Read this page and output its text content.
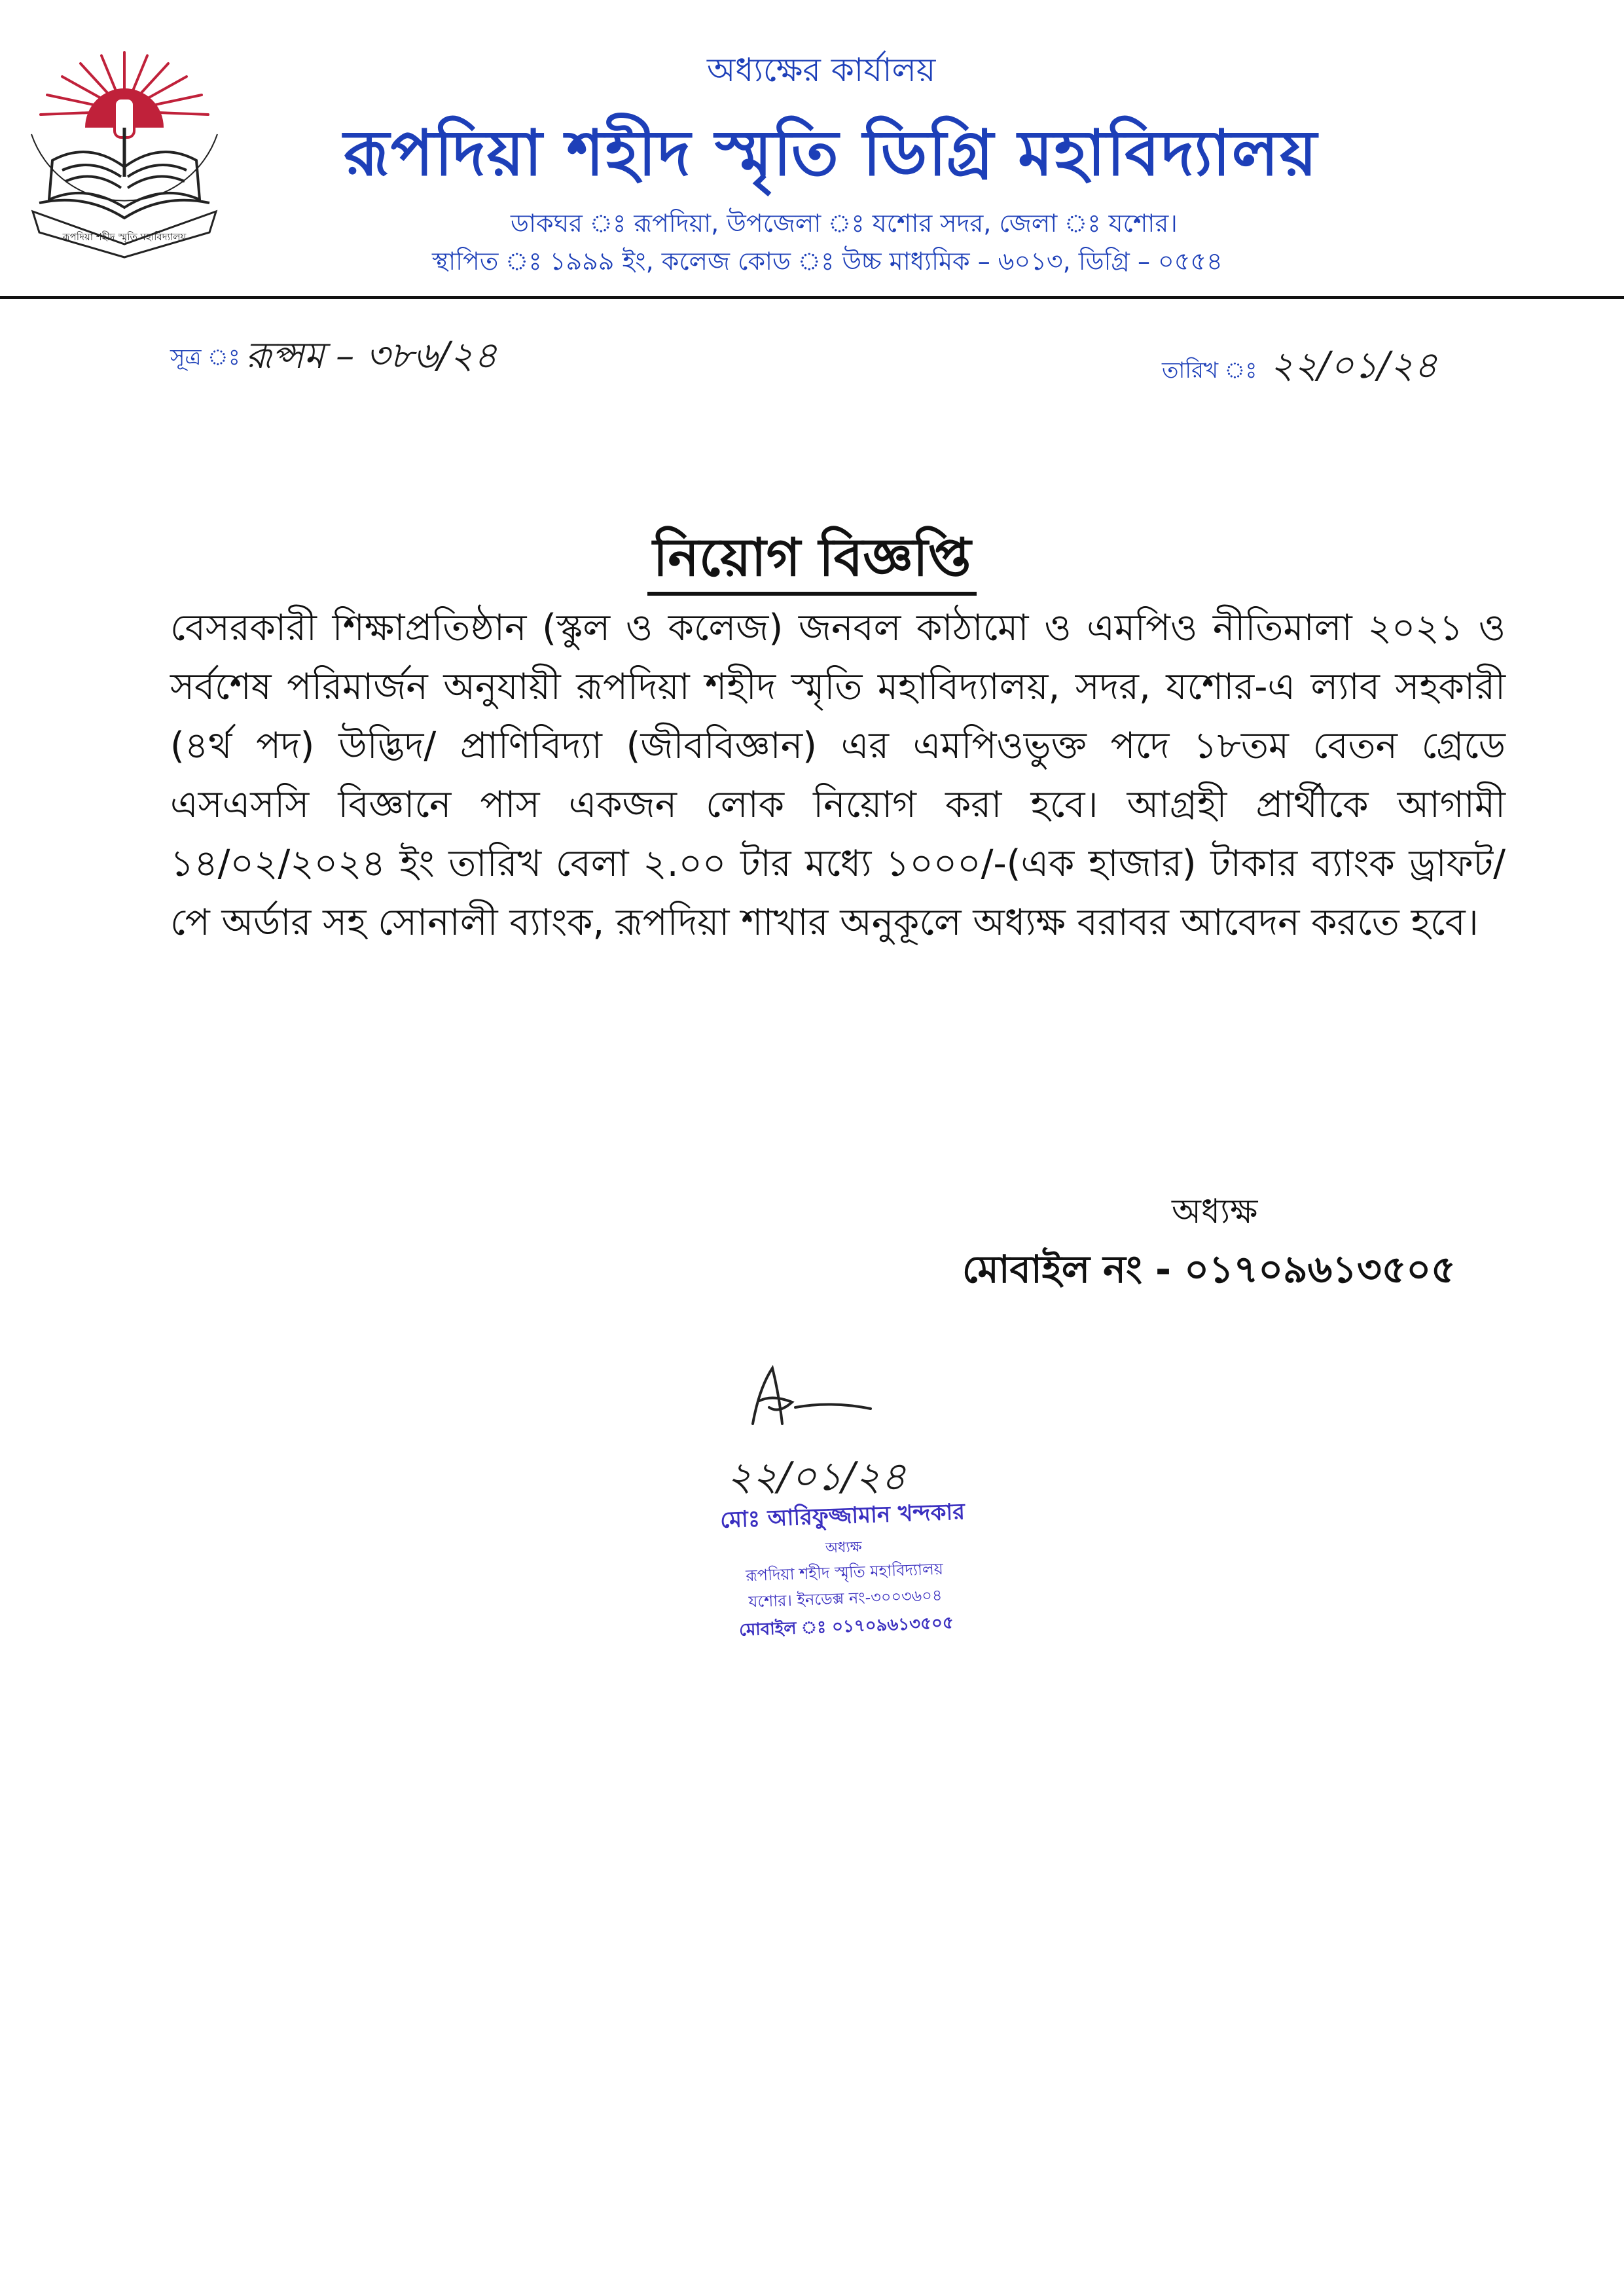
রূপদিয়া শহীদ স্মৃতি মহাবিদ্যালয়
অধ্যক্ষের কার্যালয়
রূপদিয়া শহীদ স্মৃতি ডিগ্রি মহাবিদ্যালয়
ডাকঘর ঃ রূপদিয়া, উপজেলা ঃ যশোর সদর, জেলা ঃ যশোর।
স্থাপিত ঃ ১৯৯৯ ইং, কলেজ কোড ঃ উচ্চ মাধ্যমিক – ৬০১৩, ডিগ্রি – ০৫৫৪
সূত্র ঃ রূপ্সম – ৩৮৬/২৪	তারিখ ঃ ২২/০১/২৪
নিয়োগ বিজ্ঞপ্তি
বেসরকারী শিক্ষাপ্রতিষ্ঠান (স্কুল ও কলেজ) জনবল কাঠামো ও এমপিও নীতিমালা ২০২১ ও সর্বশেষ পরিমার্জন অনুযায়ী রূপদিয়া শহীদ স্মৃতি মহাবিদ্যালয়, সদর, যশোর-এ ল্যাব সহকারী (৪র্থ পদ) উদ্ভিদ/ প্রাণিবিদ্যা (জীববিজ্ঞান) এর এমপিওভুক্ত পদে ১৮তম বেতন গ্রেডে এসএসসি বিজ্ঞানে পাস একজন লোক নিয়োগ করা হবে। আগ্রহী প্রার্থীকে আগামী ১৪/০২/২০২৪ ইং তারিখ বেলা ২.০০ টার মধ্যে ১০০০/-(এক হাজার) টাকার ব্যাংক ড্রাফট/ পে অর্ডার সহ সোনালী ব্যাংক, রূপদিয়া শাখার অনুকূলে অধ্যক্ষ বরাবর আবেদন করতে হবে।
অধ্যক্ষ
মোবাইল নং - ০১৭০৯৬১৩৫০৫
২২/০১/২৪
মোঃ আরিফুজ্জামান খন্দকার
অধ্যক্ষ
রূপদিয়া শহীদ স্মৃতি মহাবিদ্যালয়
যশোর। ইনডেক্স নং-৩০০৩৬০৪
মোবাইল ঃ ০১৭০৯৬১৩৫০৫
